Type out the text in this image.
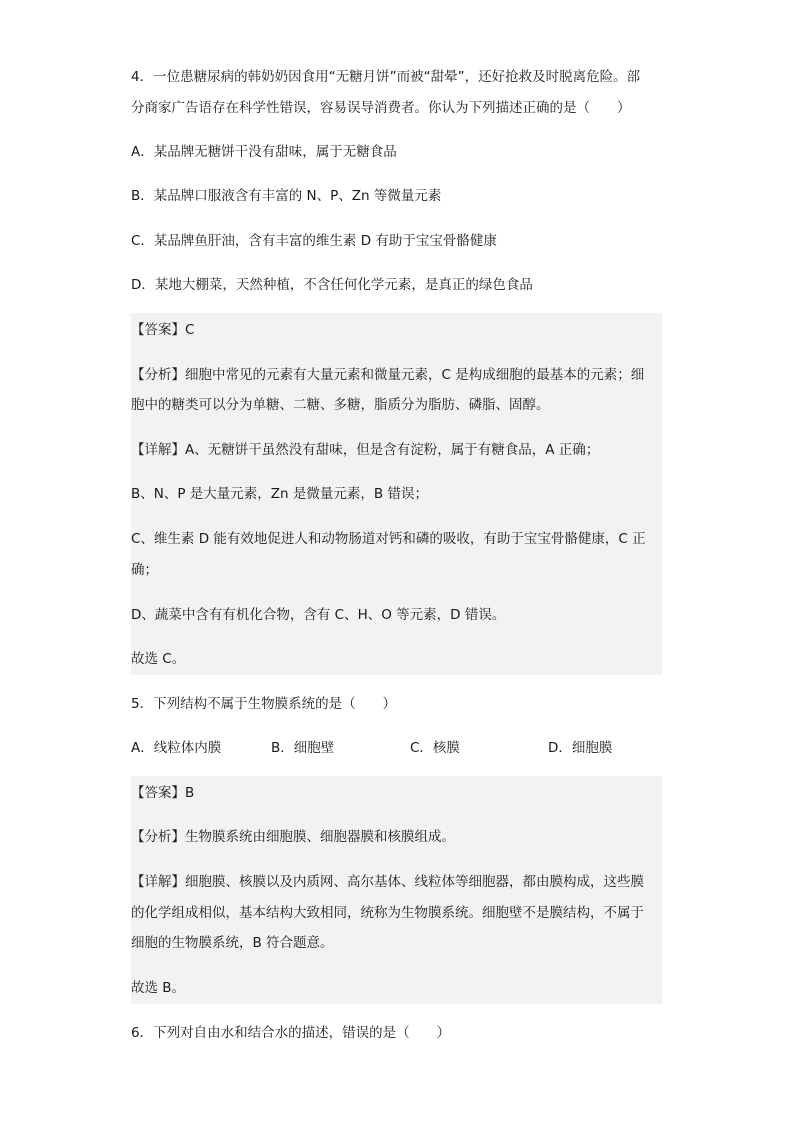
4．一位患糖尿病的韩奶奶因食用“无糖月饼”而被“甜晕”，还好抢救及时脱离危险。部
分商家广告语存在科学性错误，容易误导消费者。你认为下列描述正确的是（　　）
A．某品牌无糖饼干没有甜味，属于无糖食品
B．某品牌口服液含有丰富的 N、P、Zn 等微量元素
C．某品牌鱼肝油，含有丰富的维生素 D 有助于宝宝骨骼健康
D．某地大棚菜，天然种植，不含任何化学元素，是真正的绿色食品
【答案】C
【分析】细胞中常见的元素有大量元素和微量元素，C 是构成细胞的最基本的元素；细
胞中的糖类可以分为单糖、二糖、多糖，脂质分为脂肪、磷脂、固醇。
【详解】A、无糖饼干虽然没有甜味，但是含有淀粉，属于有糖食品，A 正确；
B、N、P 是大量元素，Zn 是微量元素，B 错误；
C、维生素 D 能有效地促进人和动物肠道对钙和磷的吸收，有助于宝宝骨骼健康，C 正
确；
D、蔬菜中含有有机化合物，含有 C、H、O 等元素，D 错误。
故选 C。
5．下列结构不属于生物膜系统的是（　　）
A．线粒体内膜	B．细胞壁	C．核膜	D．细胞膜
【答案】B
【分析】生物膜系统由细胞膜、细胞器膜和核膜组成。
【详解】细胞膜、核膜以及内质网、高尔基体、线粒体等细胞器，都由膜构成，这些膜
的化学组成相似，基本结构大致相同，统称为生物膜系统。细胞壁不是膜结构，不属于
细胞的生物膜系统，B 符合题意。
故选 B。
6．下列对自由水和结合水的描述，错误的是（　　）
